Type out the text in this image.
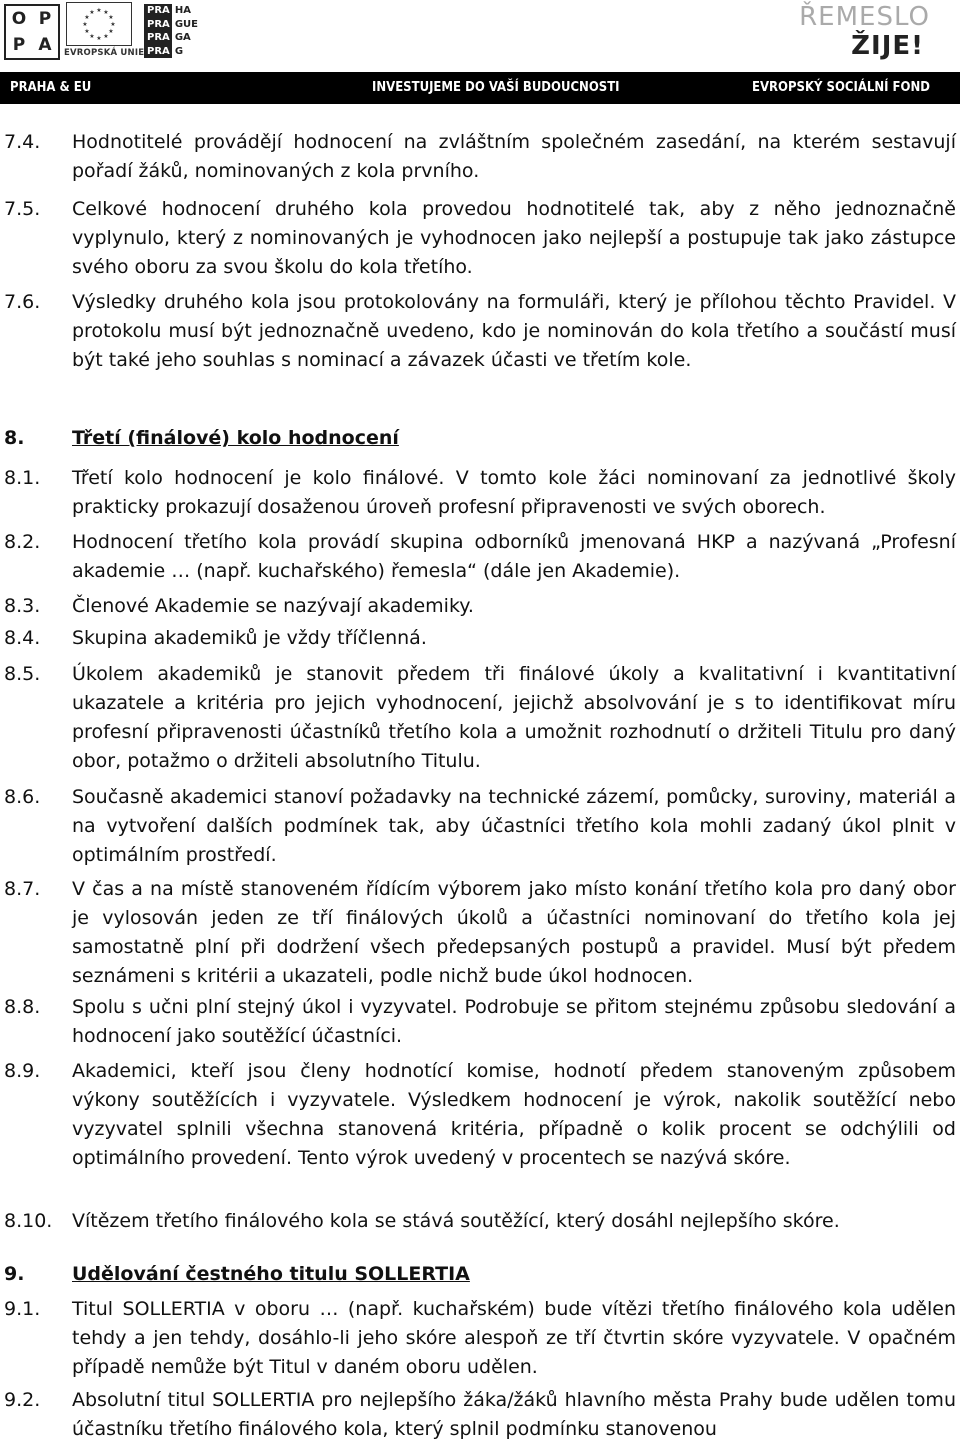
O P
P A
★ ★
★
★
★
★
★
★
★
★
★
★
EVROPSKÁ UNIE
PRA HA
PRA GUE
PRA GA
PRA G
ŘEMESLO
ŽIJE!
PRAHA & EU	INVESTUJEME DO VAŠÍ BUDOUCNOSTI	EVROPSKÝ SOCIÁLNÍ FOND
7.4. Hodnotitelé provádějí hodnocení na zvláštním společném zasedání, na kterém sestavují pořadí žáků, nominovaných z kola prvního.
7.5. Celkové hodnocení druhého kola provedou hodnotitelé tak, aby z něho jednoznačně vyplynulo, který z nominovaných je vyhodnocen jako nejlepší a postupuje tak jako zástupce svého oboru za svou školu do kola třetího.
7.6. Výsledky druhého kola jsou protokolovány na formuláři, který je přílohou těchto Pravidel. V protokolu musí být jednoznačně uvedeno, kdo je nominován do kola třetího a součástí musí být také jeho souhlas s nominací a závazek účasti ve třetím kole.
8.	Třetí (finálové) kolo hodnocení
8.1. Třetí kolo hodnocení je kolo finálové. V tomto kole žáci nominovaní za jednotlivé školy prakticky prokazují dosaženou úroveň profesní připravenosti ve svých oborech.
8.2. Hodnocení třetího kola provádí skupina odborníků jmenovaná HKP a nazývaná „Profesní akademie … (např. kuchařského) řemesla“ (dále jen Akademie).
8.3. Členové Akademie se nazývají akademiky.
8.4. Skupina akademiků je vždy tříčlenná.
8.5. Úkolem akademiků je stanovit předem tři finálové úkoly a kvalitativní i kvantitativní ukazatele a kritéria pro jejich vyhodnocení, jejichž absolvování je s to identifikovat míru profesní připravenosti účastníků třetího kola a umožnit rozhodnutí o držiteli Titulu pro daný obor, potažmo o držiteli absolutního Titulu.
8.6. Současně akademici stanoví požadavky na technické zázemí, pomůcky, suroviny, materiál a na vytvoření dalších podmínek tak, aby účastníci třetího kola mohli zadaný úkol plnit v optimálním prostředí.
8.7. V čas a na místě stanoveném řídícím výborem jako místo konání třetího kola pro daný obor je vylosován jeden ze tří finálových úkolů a účastníci nominovaní do třetího kola jej samostatně plní při dodržení všech předepsaných postupů a pravidel. Musí být předem seznámeni s kritérii a ukazateli, podle nichž bude úkol hodnocen.
8.8. Spolu s učni plní stejný úkol i vyzyvatel. Podrobuje se přitom stejnému způsobu sledování a hodnocení jako soutěžící účastníci.
8.9. Akademici, kteří jsou členy hodnotící komise, hodnotí předem stanoveným způsobem výkony soutěžících i vyzyvatele. Výsledkem hodnocení je výrok, nakolik soutěžící nebo vyzyvatel splnili všechna stanovená kritéria, případně o kolik procent se odchýlili od optimálního provedení. Tento výrok uvedený v procentech se nazývá skóre.
8.10. Vítězem třetího finálového kola se stává soutěžící, který dosáhl nejlepšího skóre.
9.	Udělování čestného titulu SOLLERTIA
9.1. Titul SOLLERTIA v oboru … (např. kuchařském) bude vítězi třetího finálového kola udělen tehdy a jen tehdy, dosáhlo-li jeho skóre alespoň ze tří čtvrtin skóre vyzyvatele. V opačném případě nemůže být Titul v daném oboru udělen.
9.2. Absolutní titul SOLLERTIA pro nejlepšího žáka/žáků hlavního města Prahy bude udělen tomu účastníku třetího finálového kola, který splnil podmínku stanovenou
